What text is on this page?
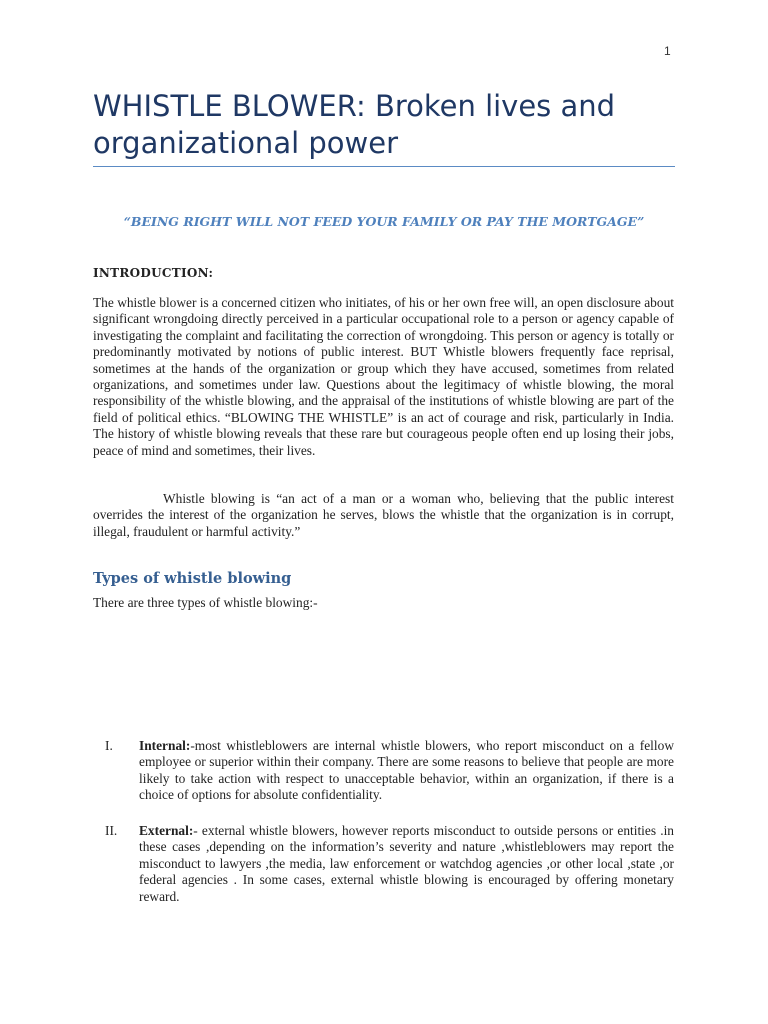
1
WHISTLE BLOWER: Broken lives and organizational power
“BEING RIGHT WILL NOT FEED YOUR FAMILY OR PAY THE MORTGAGE”
INTRODUCTION:

The whistle blower is a concerned citizen who initiates, of his or her own free will, an open disclosure about significant wrongdoing directly perceived in a particular occupational role to a person or agency capable of investigating the complaint and facilitating the correction of wrongdoing. This person or agency is totally or predominantly motivated by notions of public interest. BUT Whistle blowers frequently face reprisal, sometimes at the hands of the organization or group which they have accused, sometimes from related organizations, and sometimes under law. Questions about the legitimacy of whistle blowing, the moral responsibility of the whistle blowing, and the appraisal of the institutions of whistle blowing are part of the field of political ethics. “BLOWING THE WHISTLE” is an act of courage and risk, particularly in India. The history of whistle blowing reveals that these rare but courageous people often end up losing their jobs, peace of mind and sometimes, their lives.

Whistle blowing is “an act of a man or a woman who, believing that the public interest overrides the interest of the organization he serves, blows the whistle that the organization is in corrupt, illegal, fraudulent or harmful activity.”

Types of whistle blowing
There are three types of whistle blowing:-
I. Internal:-most whistleblowers are internal whistle blowers, who report misconduct on a fellow employee or superior within their company. There are some reasons to believe that people are more likely to take action with respect to unacceptable behavior, within an organization, if there is a choice of options for absolute confidentiality.

II. External:- external whistle blowers, however reports misconduct to outside persons or entities .in these cases ,depending on the information’s severity and nature ,whistleblowers may report the misconduct to lawyers ,the media, law enforcement or watchdog agencies ,or other local ,state ,or federal agencies . In some cases, external whistle blowing is encouraged by offering monetary reward.
